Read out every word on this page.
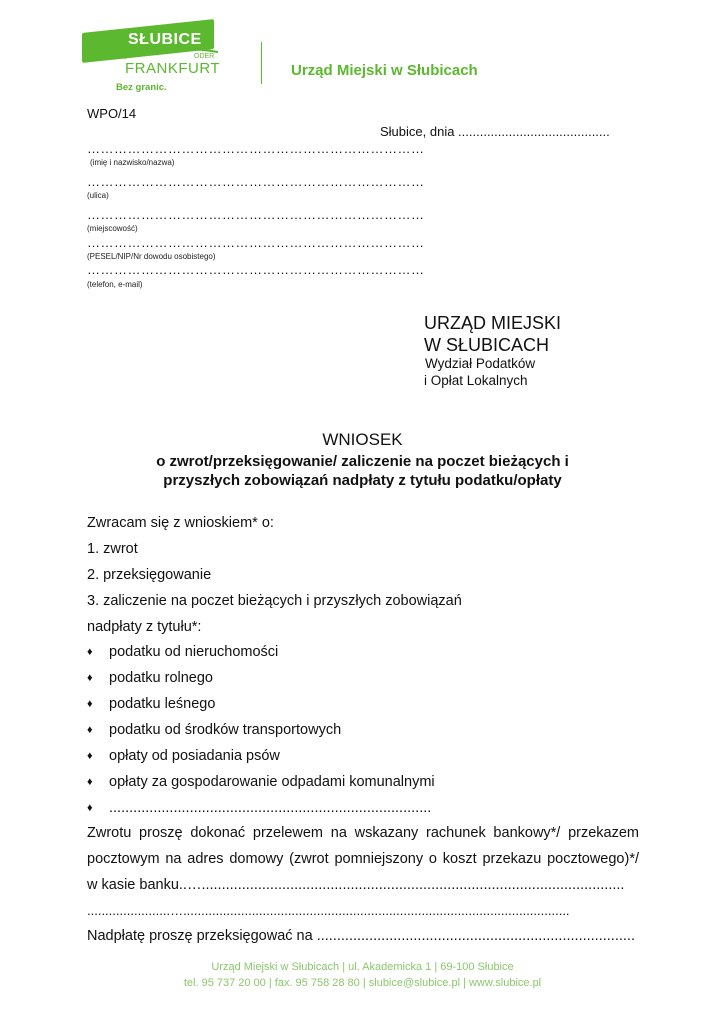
SŁUBICE
ODER
FRANKFURT
Bez granic.
Urząd Miejski w Słubicach
WPO/14
Słubice, dnia ..........................................
…………………………………………………………………
(imię i nazwisko/nazwa)
…………………………………………………………………
(ulica)
…………………………………………………………………
(miejscowość)
…………………………………………………………………
(PESEL/NIP/Nr dowodu osobistego)
…………………………………………………………………
(telefon, e-mail)
URZĄD MIEJSKI
W SŁUBICACH
Wydział Podatków
i Opłat Lokalnych
WNIOSEK
o zwrot/przeksięgowanie/ zaliczenie na poczet bieżących i
przyszłych zobowiązań nadpłaty z tytułu podatku/opłaty
Zwracam się z wnioskiem* o:
1. zwrot
2. przeksięgowanie
3. zaliczenie na poczet bieżących i przyszłych zobowiązań
nadpłaty z tytułu*:
♦ podatku od nieruchomości
♦ podatku rolnego
♦ podatku leśnego
♦ podatku od środków transportowych
♦ opłaty od posiadania psów
♦ opłaty za gospodarowanie odpadami komunalnymi
♦ ................................................................................
Zwrotu proszę dokonać przelewem na wskazany rachunek bankowy*/ przekazem
pocztowym na adres domowy (zwrot pomniejszony o koszt przekazu pocztowego)*/
w kasie banku..….........................................................................................................
.......................…...........................................................................................................
Nadpłatę proszę przeksięgować na ...............................................................................
Urząd Miejski w Słubicach | ul. Akademicka 1 | 69-100 Słubice
tel. 95 737 20 00 | fax. 95 758 28 80 | slubice@slubice.pl | www.slubice.pl
